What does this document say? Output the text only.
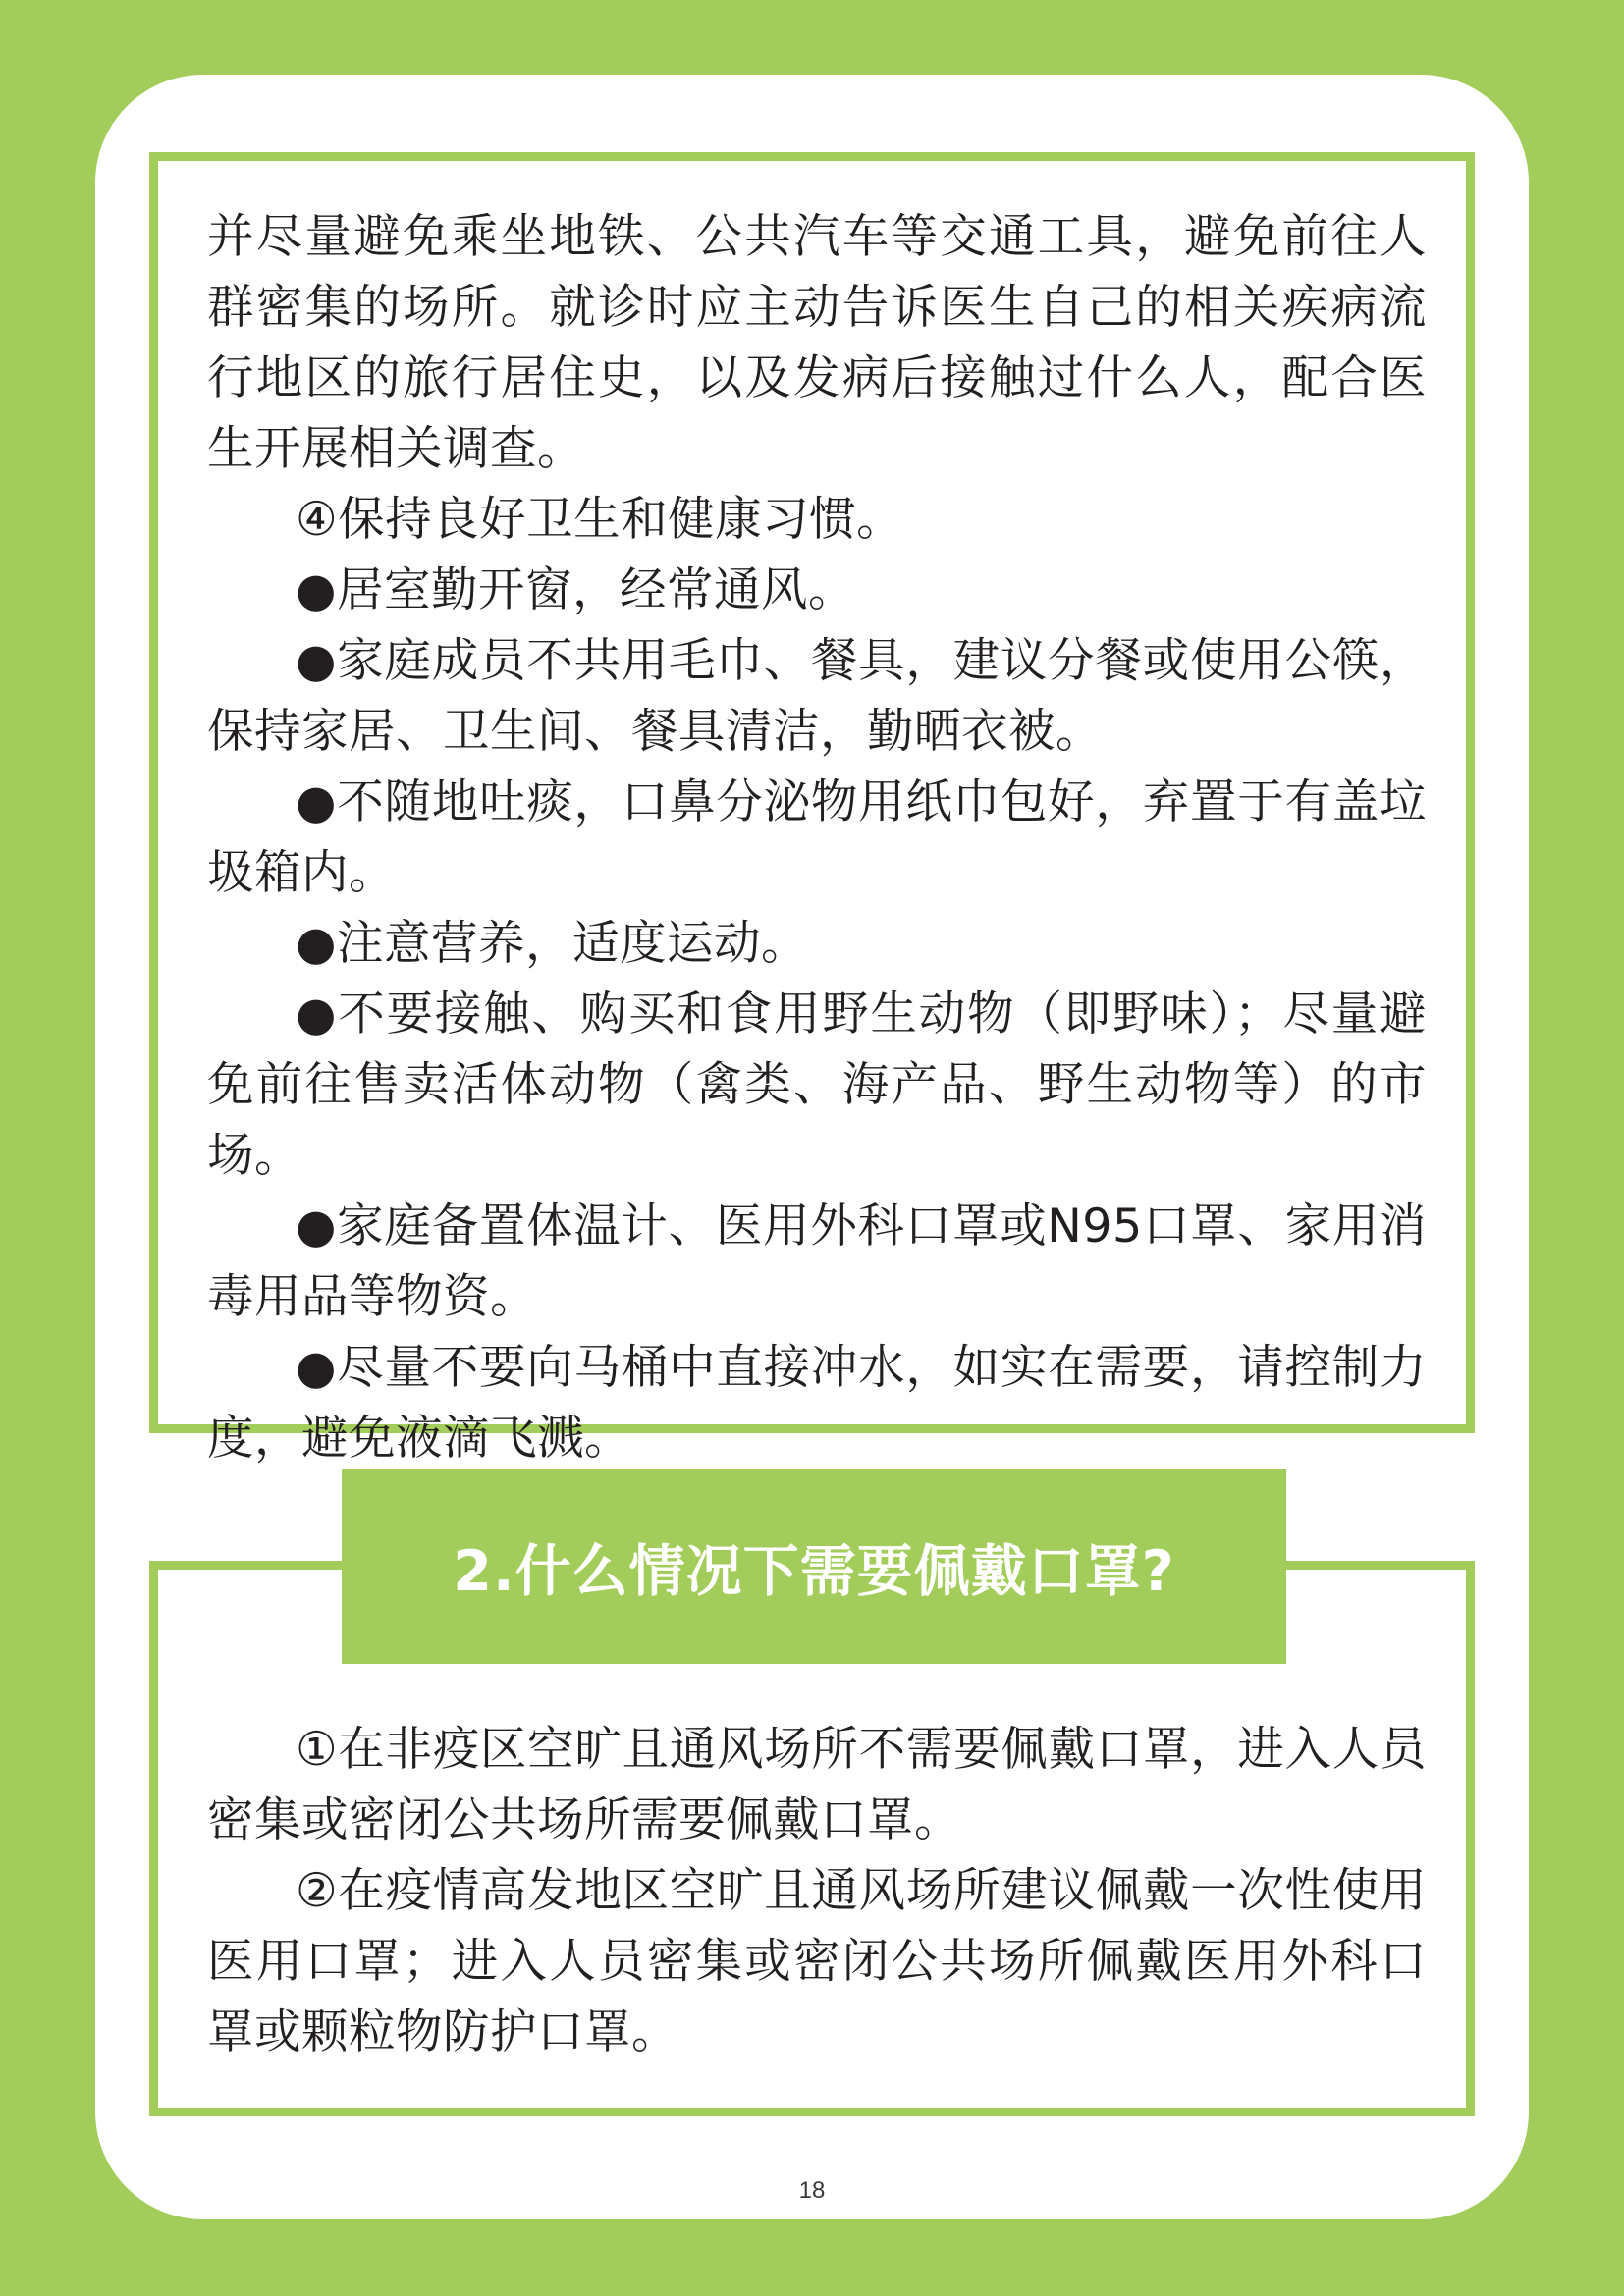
并尽量避免乘坐地铁、公共汽车等交通工具，避免前往人群密集的场所。就诊时应主动告诉医生自己的相关疾病流行地区的旅行居住史，以及发病后接触过什么人，配合医生开展相关调查。

④保持良好卫生和健康习惯。

●居室勤开窗，经常通风。

●家庭成员不共用毛巾、餐具，建议分餐或使用公筷，保持家居、卫生间、餐具清洁，勤晒衣被。

●不随地吐痰，口鼻分泌物用纸巾包好，弃置于有盖垃圾箱内。

●注意营养，适度运动。

●不要接触、购买和食用野生动物（即野味）；尽量避免前往售卖活体动物（禽类、海产品、野生动物等）的市场。

●家庭备置体温计、医用外科口罩或N95口罩、家用消毒用品等物资。

●尽量不要向马桶中直接冲水，如实在需要，请控制力度，避免液滴飞溅。

①在非疫区空旷且通风场所不需要佩戴口罩，进入人员密集或密闭公共场所需要佩戴口罩。

②在疫情高发地区空旷且通风场所建议佩戴一次性使用医用口罩；进入人员密集或密闭公共场所佩戴医用外科口罩或颗粒物防护口罩。

2.什么情况下需要佩戴口罩?
18
